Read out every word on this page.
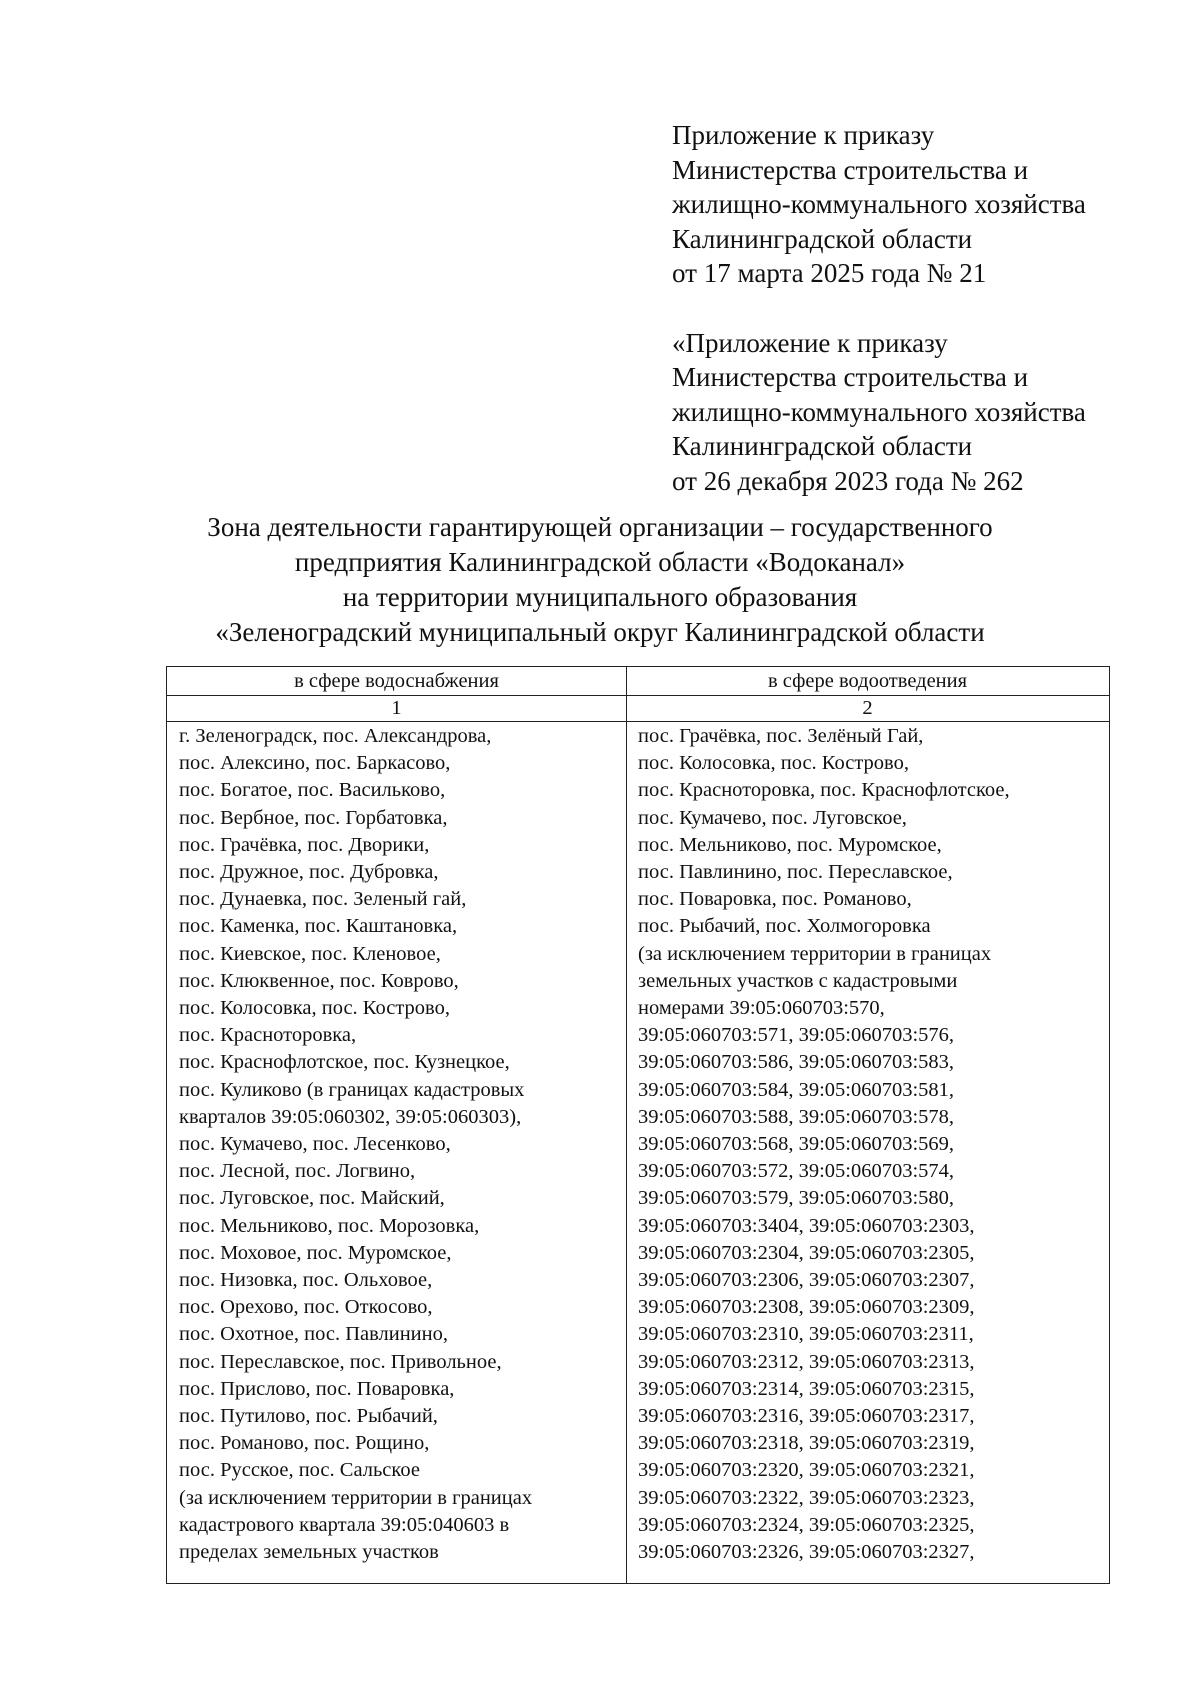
Приложение к приказу
Министерства строительства и
жилищно-коммунального хозяйства
Калининградской области
от 17 марта 2025 года № 21
«Приложение к приказу
Министерства строительства и
жилищно-коммунального хозяйства
Калининградской области
от 26 декабря 2023 года № 262
Зона деятельности гарантирующей организации – государственного
предприятия Калининградской области «Водоканал»
на территории муниципального образования
«Зеленоградский муниципальный округ Калининградской области
в сфере водоснабжения	в сфере водоотведения
1	2
г. Зеленоградск, пос. Александрова,
пос. Алексино, пос. Баркасово,
пос. Богатое, пос. Васильково,
пос. Вербное, пос. Горбатовка,
пос. Грачёвка, пос. Дворики,
пос. Дружное, пос. Дубровка,
пос. Дунаевка, пос. Зеленый гай,
пос. Каменка, пос. Каштановка,
пос. Киевское, пос. Кленовое,
пос. Клюквенное, пос. Коврово,
пос. Колосовка, пос. Кострово,
пос. Красноторовка,
пос. Краснофлотское, пос. Кузнецкое,
пос. Куликово (в границах кадастровых
кварталов 39:05:060302, 39:05:060303),
пос. Кумачево, пос. Лесенково,
пос. Лесной, пос. Логвино,
пос. Луговское, пос. Майский,
пос. Мельниково, пос. Морозовка,
пос. Моховое, пос. Муромское,
пос. Низовка, пос. Ольховое,
пос. Орехово, пос. Откосово,
пос. Охотное, пос. Павлинино,
пос. Переславское, пос. Привольное,
пос. Прислово, пос. Поваровка,
пос. Путилово, пос. Рыбачий,
пос. Романово, пос. Рощино,
пос. Русское, пос. Сальское
(за исключением территории в границах
кадастрового квартала 39:05:040603 в
пределах земельных участков
пос. Грачёвка, пос. Зелёный Гай,
пос. Колосовка, пос. Кострово,
пос. Красноторовка, пос. Краснофлотское,
пос. Кумачево, пос. Луговское,
пос. Мельниково, пос. Муромское,
пос. Павлинино, пос. Переславское,
пос. Поваровка, пос. Романово,
пос. Рыбачий, пос. Холмогоровка
(за исключением территории в границах
земельных участков с кадастровыми
номерами 39:05:060703:570,
39:05:060703:571, 39:05:060703:576,
39:05:060703:586, 39:05:060703:583,
39:05:060703:584, 39:05:060703:581,
39:05:060703:588, 39:05:060703:578,
39:05:060703:568, 39:05:060703:569,
39:05:060703:572, 39:05:060703:574,
39:05:060703:579, 39:05:060703:580,
39:05:060703:3404, 39:05:060703:2303,
39:05:060703:2304, 39:05:060703:2305,
39:05:060703:2306, 39:05:060703:2307,
39:05:060703:2308, 39:05:060703:2309,
39:05:060703:2310, 39:05:060703:2311,
39:05:060703:2312, 39:05:060703:2313,
39:05:060703:2314, 39:05:060703:2315,
39:05:060703:2316, 39:05:060703:2317,
39:05:060703:2318, 39:05:060703:2319,
39:05:060703:2320, 39:05:060703:2321,
39:05:060703:2322, 39:05:060703:2323,
39:05:060703:2324, 39:05:060703:2325,
39:05:060703:2326, 39:05:060703:2327,
